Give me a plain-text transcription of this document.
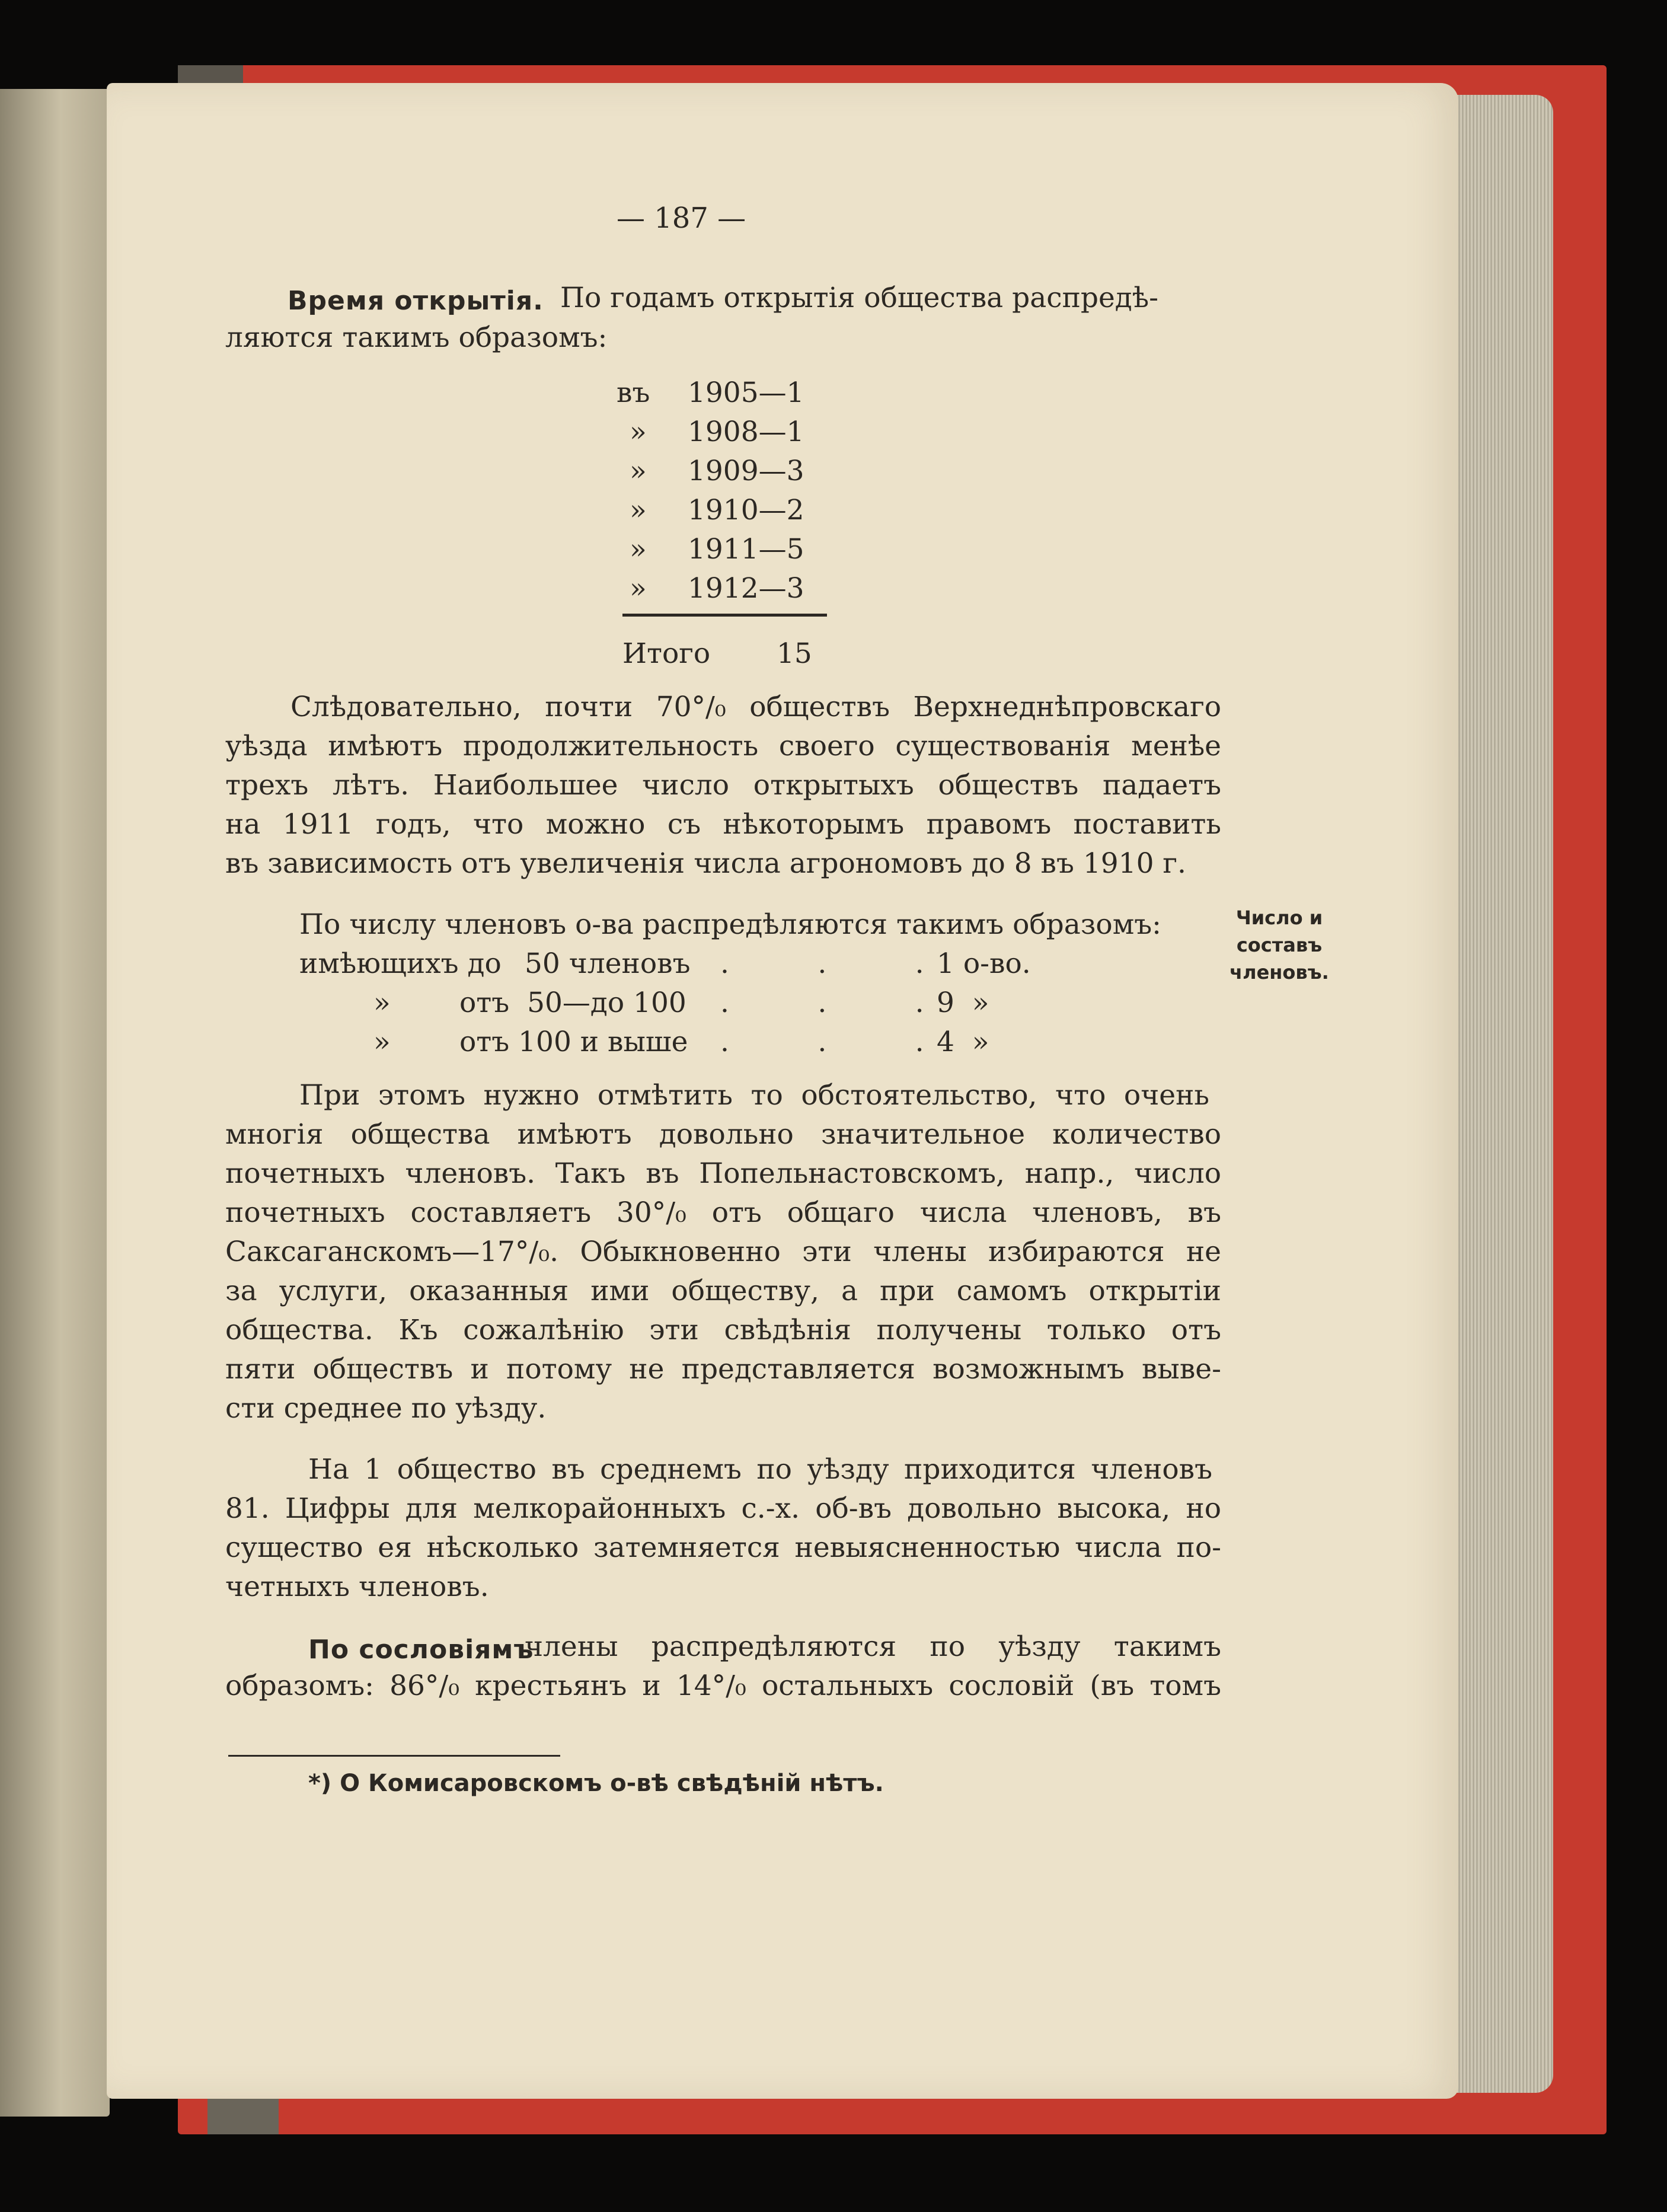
— 187 —
Время открытія. По годамъ открытія общества распредѣ-
ляются такимъ образомъ:
въ 1905—1
» 1908—1
» 1909—3
» 1910—2
» 1911—5
» 1912—3
Итого 15
Слѣдовательно, почти 70°/₀ обществъ Верхнеднѣпровскаго
уѣзда имѣютъ продолжительность своего существованія менѣе
трехъ лѣтъ. Наибольшее число открытыхъ обществъ падаетъ
на 1911 годъ, что можно съ нѣкоторымъ правомъ поставить
въ зависимость отъ увеличенія числа агрономовъ до 8 въ 1910 г.
По числу членовъ о-ва распредѣляются такимъ образомъ:
имѣющихъ до 50 членовъ .          .          . 1 о-во.
» отъ  50—до 100 .          .          . 9  »
» отъ 100 и выше .          .          . 4  »
Число и
составъ
членовъ.
При этомъ нужно отмѣтить то обстоятельство, что очень
многія общества имѣютъ довольно значительное количество
почетныхъ членовъ. Такъ въ Попельнастовскомъ, напр., число
почетныхъ составляетъ 30°/₀ отъ общаго числа членовъ, въ
Саксаганскомъ—17°/₀. Обыкновенно эти члены избираются не
за услуги, оказанныя ими обществу, а при самомъ открытіи
общества. Къ сожалѣнію эти свѣдѣнія получены только отъ
пяти обществъ и потому не представляется возможнымъ выве-
сти среднее по уѣзду.
На 1 общество въ среднемъ по уѣзду приходится членовъ
81. Цифры для мелкорайонныхъ с.-х. об-въ довольно высока, но
существо ея нѣсколько затемняется невыясненностью числа по-
четныхъ членовъ.
По сословіямъ
члены распредѣляются по уѣзду такимъ
образомъ: 86°/₀ крестьянъ и 14°/₀ остальныхъ сословій (въ томъ
*) О Комисаровскомъ о-вѣ свѣдѣній нѣтъ.
